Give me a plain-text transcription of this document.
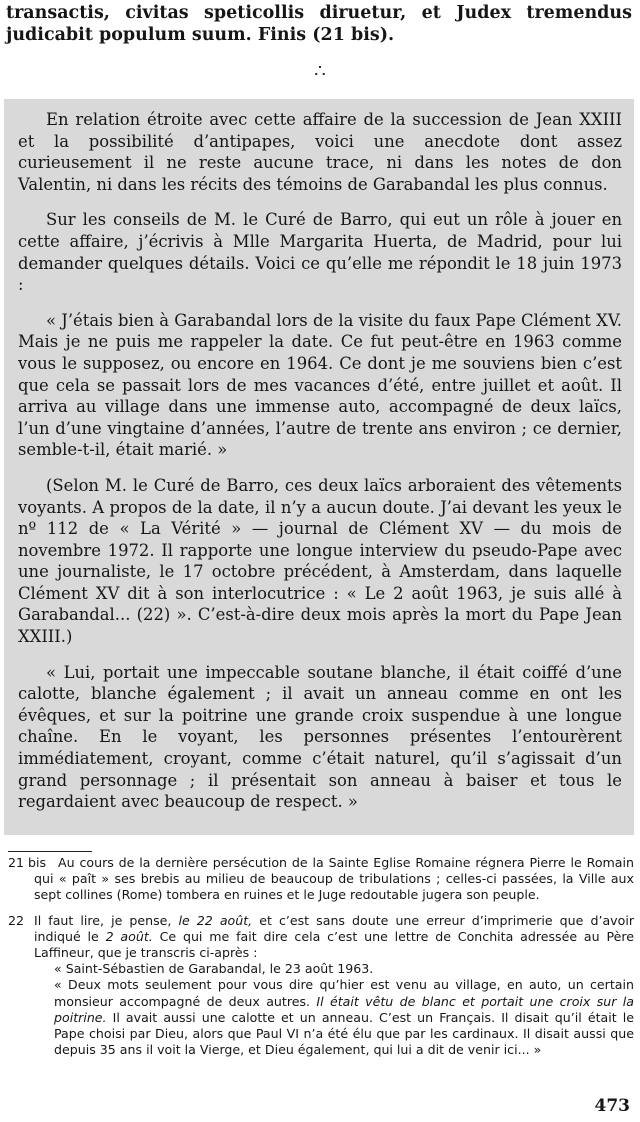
transactis, civitas speticollis diruetur, et Judex tremendus judicabit populum suum. Finis (21 bis).
∴

En relation étroite avec cette affaire de la succession de Jean XXIII et la possibilité d’antipapes, voici une anecdote dont assez curieusement il ne reste aucune trace, ni dans les notes de don Valentin, ni dans les récits des témoins de Garabandal les plus connus.

Sur les conseils de M. le Curé de Barro, qui eut un rôle à jouer en cette affaire, j’écrivis à Mlle Margarita Huerta, de Madrid, pour lui demander quelques détails. Voici ce qu’elle me répondit le 18 juin 1973 :

« J’étais bien à Garabandal lors de la visite du faux Pape Clément XV. Mais je ne puis me rappeler la date. Ce fut peut-être en 1963 comme vous le supposez, ou encore en 1964. Ce dont je me souviens bien c’est que cela se passait lors de mes vacances d’été, entre juillet et août. Il arriva au village dans une immense auto, accompagné de deux laïcs, l’un d’une vingtaine d’années, l’autre de trente ans environ ; ce dernier, semble-t-il, était marié. »

(Selon M. le Curé de Barro, ces deux laïcs arboraient des vêtements voyants. A propos de la date, il n’y a aucun doute. J’ai devant les yeux le nº 112 de « La Vérité » — journal de Clément XV — du mois de novembre 1972. Il rapporte une longue interview du pseudo-Pape avec une journaliste, le 17 octobre précédent, à Amsterdam, dans laquelle Clément XV dit à son interlocutrice : « Le 2 août 1963, je suis allé à Garabandal... (22) ». C’est-à-dire deux mois après la mort du Pape Jean XXIII.)

« Lui, portait une impeccable soutane blanche, il était coiffé d’une calotte, blanche également ; il avait un anneau comme en ont les évêques, et sur la poitrine une grande croix suspendue à une longue chaîne. En le voyant, les personnes présentes l’entourèrent immédiatement, croyant, comme c’était naturel, qu’il s’agissait d’un grand personnage ; il présentait son anneau à baiser et tous le regardaient avec beaucoup de respect. »

21 bis Au cours de la dernière persécution de la Sainte Eglise Romaine régnera Pierre le Romain qui « paît » ses brebis au milieu de beaucoup de tribulations ; celles-ci passées, la Ville aux sept collines (Rome) tombera en ruines et le Juge redoutable jugera son peuple.
22 Il faut lire, je pense, le 22 août, et c’est sans doute une erreur d’imprimerie que d’avoir indiqué le 2 août. Ce qui me fait dire cela c’est une lettre de Conchita adressée au Père Laffineur, que je transcris ci-après :
« Saint-Sébastien de Garabandal, le 23 août 1963.
« Deux mots seulement pour vous dire qu’hier est venu au village, en auto, un certain monsieur accompagné de deux autres. Il était vêtu de blanc et portait une croix sur la poitrine. Il avait aussi une calotte et un anneau. C’est un Français. Il disait qu’il était le Pape choisi par Dieu, alors que Paul VI n’a été élu que par les cardinaux. Il disait aussi que depuis 35 ans il voit la Vierge, et Dieu également, qui lui a dit de venir ici... »
473
